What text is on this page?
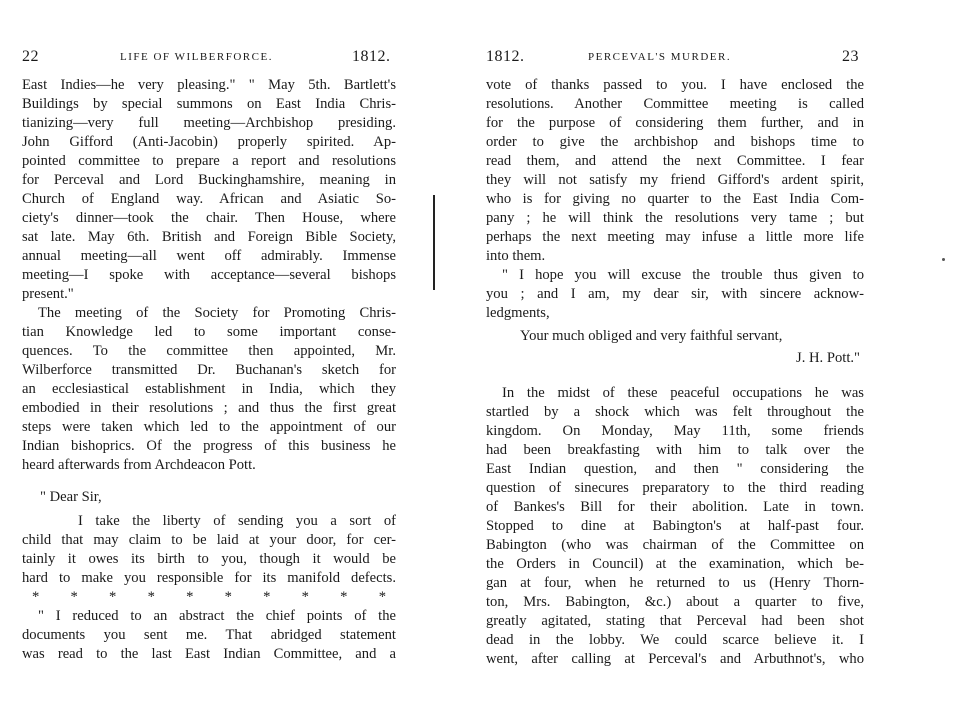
22	LIFE OF WILBERFORCE.	1812.
East Indies—he very pleasing." " May 5th. Bartlett's
Buildings by special summons on East India Chris-
tianizing—very full meeting—Archbishop presiding.
John Gifford (Anti-Jacobin) properly spirited. Ap-
pointed committee to prepare a report and resolutions
for Perceval and Lord Buckinghamshire, meaning in
Church of England way. African and Asiatic So-
ciety's dinner—took the chair. Then House, where
sat late. May 6th. British and Foreign Bible Society,
annual meeting—all went off admirably. Immense
meeting—I spoke with acceptance—several bishops
present."
The meeting of the Society for Promoting Chris-
tian Knowledge led to some important conse-
quences. To the committee then appointed, Mr.
Wilberforce transmitted Dr. Buchanan's sketch for
an ecclesiastical establishment in India, which they
embodied in their resolutions ; and thus the first great
steps were taken which led to the appointment of our
Indian bishoprics. Of the progress of this business he
heard afterwards from Archdeacon Pott.
" Dear Sir,
I take the liberty of sending you a sort of
child that may claim to be laid at your door, for cer-
tainly it owes its birth to you, though it would be
hard to make you responsible for its manifold defects.
* * * * * * * * * *
" I reduced to an abstract the chief points of the
documents you sent me. That abridged statement
was read to the last East Indian Committee, and a
1812.	PERCEVAL'S MURDER.	23
vote of thanks passed to you. I have enclosed the
resolutions. Another Committee meeting is called
for the purpose of considering them further, and in
order to give the archbishop and bishops time to
read them, and attend the next Committee. I fear
they will not satisfy my friend Gifford's ardent spirit,
who is for giving no quarter to the East India Com-
pany ; he will think the resolutions very tame ; but
perhaps the next meeting may infuse a little more life
into them.
" I hope you will excuse the trouble thus given to
you ; and I am, my dear sir, with sincere acknow-
ledgments,
Your much obliged and very faithful servant,
J. H. Pott."
In the midst of these peaceful occupations he was
startled by a shock which was felt throughout the
kingdom. On Monday, May 11th, some friends
had been breakfasting with him to talk over the
East Indian question, and then " considering the
question of sinecures preparatory to the third reading
of Bankes's Bill for their abolition. Late in town.
Stopped to dine at Babington's at half-past four.
Babington (who was chairman of the Committee on
the Orders in Council) at the examination, which be-
gan at four, when he returned to us (Henry Thorn-
ton, Mrs. Babington, &c.) about a quarter to five,
greatly agitated, stating that Perceval had been shot
dead in the lobby. We could scarce believe it. I
went, after calling at Perceval's and Arbuthnot's, who
